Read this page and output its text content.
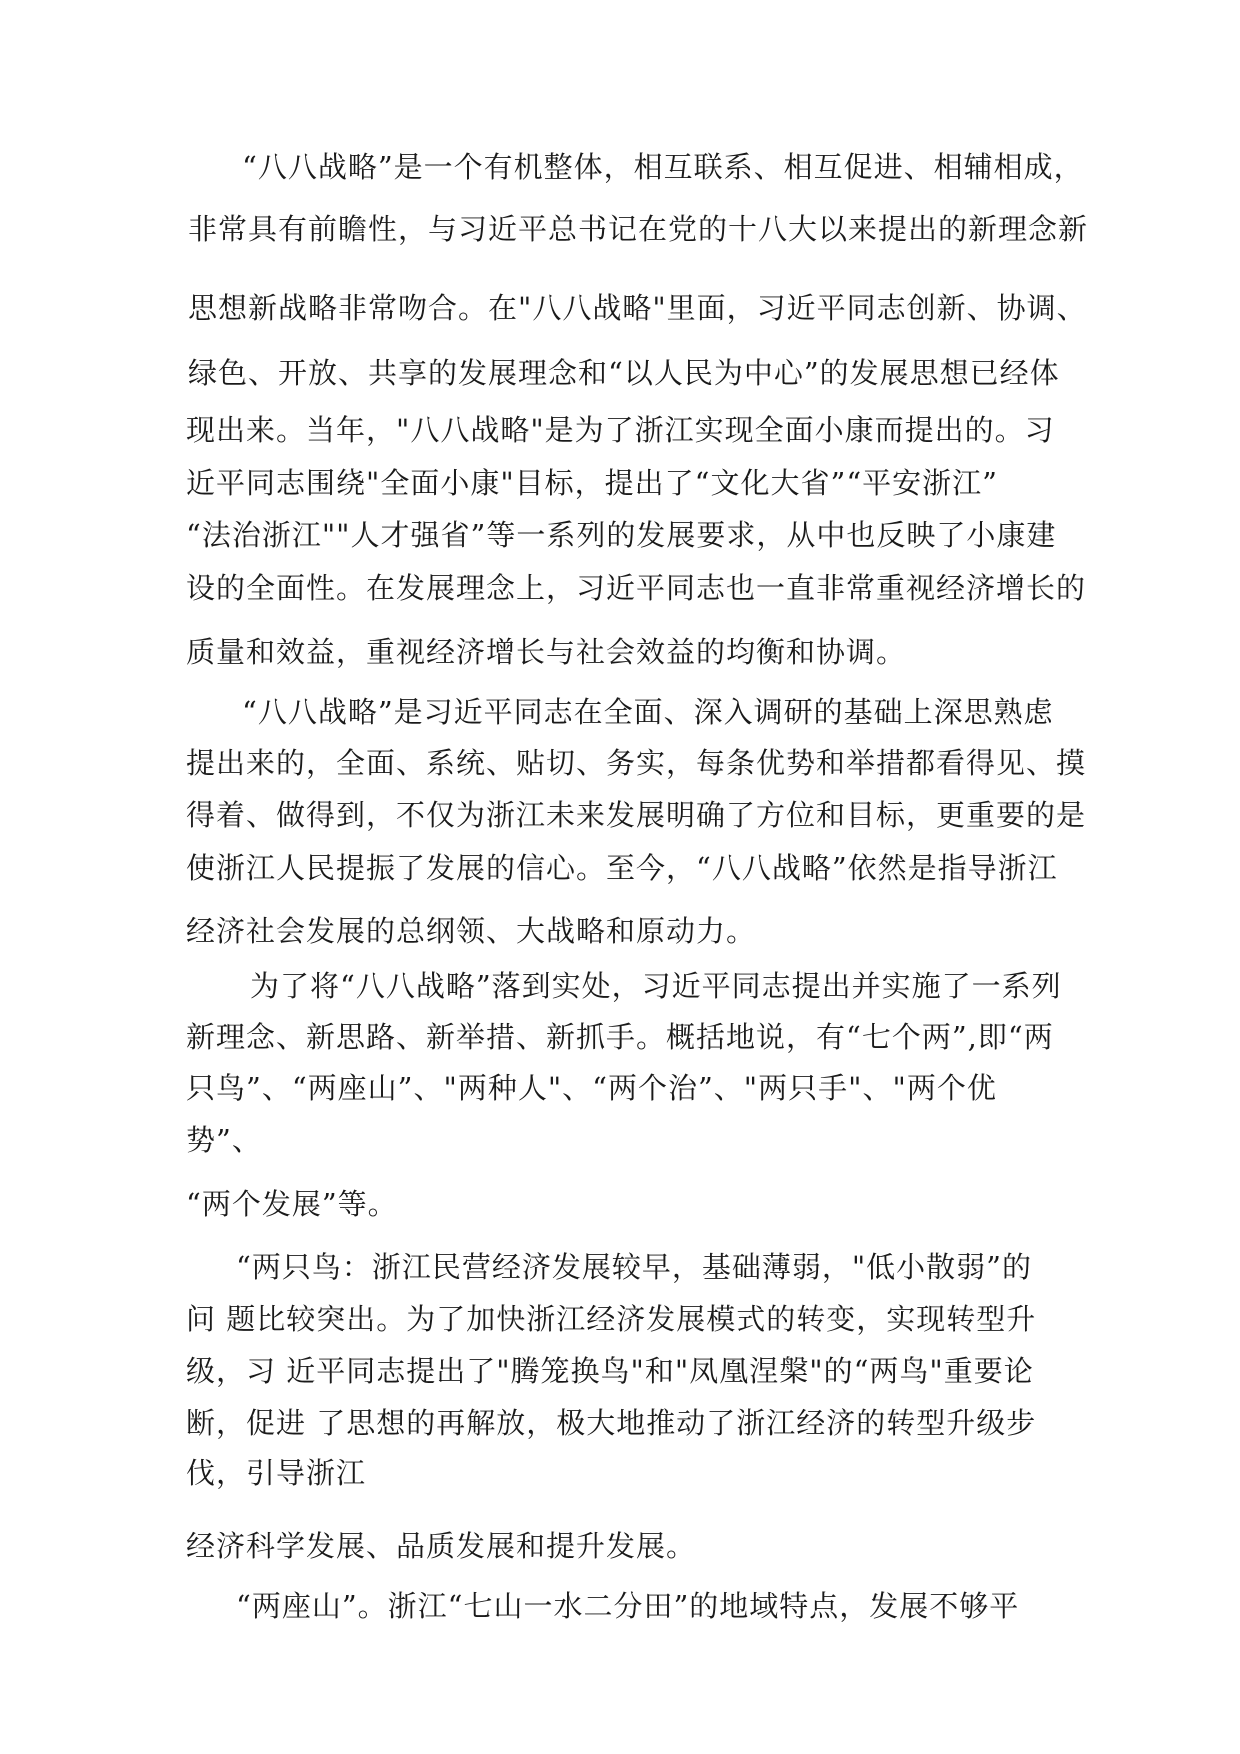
“八八战略”是一个有机整体，相互联系、相互促进、相辅相成，
非常具有前瞻性，与习近平总书记在党的十八大以来提出的新理念新
思想新战略非常吻合。在"八八战略"里面，习近平同志创新、协调、
绿色、开放、共享的发展理念和“以人民为中心”的发展思想已经体
现出来。当年，"八八战略"是为了浙江实现全面小康而提出的。习
近平同志围绕"全面小康"目标，提出了“文化大省”“平安浙江”
“法治浙江""人才强省”等一系列的发展要求，从中也反映了小康建
设的全面性。在发展理念上，习近平同志也一直非常重视经济增长的
质量和效益，重视经济增长与社会效益的均衡和协调。
“八八战略”是习近平同志在全面、深入调研的基础上深思熟虑
提出来的，全面、系统、贴切、务实，每条优势和举措都看得见、摸
得着、做得到，不仅为浙江未来发展明确了方位和目标，更重要的是
使浙江人民提振了发展的信心。至今，“八八战略”依然是指导浙江
经济社会发展的总纲领、大战略和原动力。
为了将“八八战略”落到实处，习近平同志提出并实施了一系列
新理念、新思路、新举措、新抓手。概括地说，有“七个两”,即“两
只鸟”、“两座山”、"两种人"、“两个治”、"两只手"、"两个优
势”、
“两个发展”等。
“两只鸟：浙江民营经济发展较早，基础薄弱，"低小散弱”的
问 题比较突出。为了加快浙江经济发展模式的转变，实现转型升
级，习 近平同志提出了"腾笼换鸟"和"凤凰涅槃"的“两鸟"重要论
断，促进 了思想的再解放，极大地推动了浙江经济的转型升级步
伐，引导浙江
经济科学发展、品质发展和提升发展。
“两座山”。浙江“七山一水二分田”的地域特点，发展不够平
